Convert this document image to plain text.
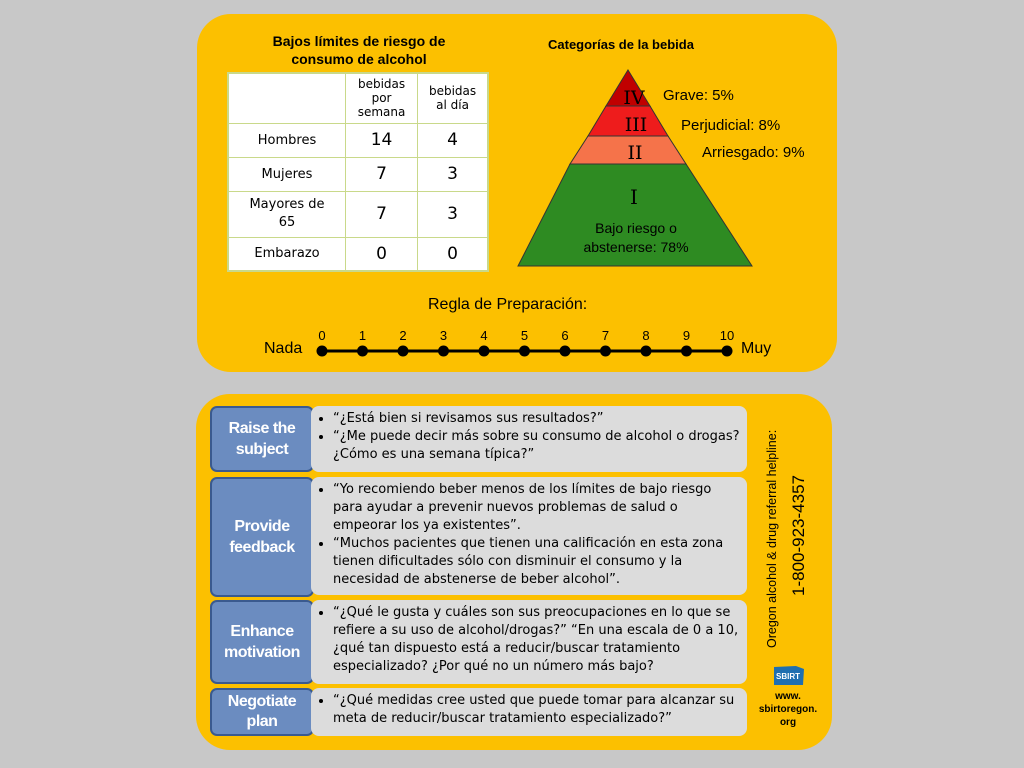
Bajos límites de riesgo de consumo de alcohol
	bebidas por semana	bebidas al día
Hombres	14	4
Mujeres	7	3
Mayores de 65	7	3
Embarazo	0	0
Categorías de la bebida
IV
III
II
I
Grave: 5%
Perjudicial: 8%
Arriesgado: 9%
Bajo riesgo o abstenerse: 78%
Regla de Preparación:
Nada	Muy
0	1	2	3	4	5	6	7	8	9	10
Raise the subject
Provide feedback
Enhance motivation
Negotiate plan
• “¿Está bien si revisamos sus resultados?”
• “¿Me puede decir más sobre su consumo de alcohol o drogas? ¿Cómo es una semana típica?”
• “Yo recomiendo beber menos de los límites de bajo riesgo para ayudar a prevenir nuevos problemas de salud o empeorar los ya existentes”.
• “Muchos pacientes que tienen una calificación en esta zona tienen dificultades sólo con disminuir el consumo y la necesidad de abstenerse de beber alcohol”.
• “¿Qué le gusta y cuáles son sus preocupaciones en lo que se refiere a su uso de alcohol/drogas?” “En una escala de 0 a 10, ¿qué tan dispuesto está a reducir/buscar tratamiento especializado? ¿Por qué no un número más bajo?
• “¿Qué medidas cree usted que puede tomar para alcanzar su meta de reducir/buscar tratamiento especializado?”
Oregon alcohol & drug referral helpline: 1-800-923-4357
SBIRT
www. sbirtoregon. org
